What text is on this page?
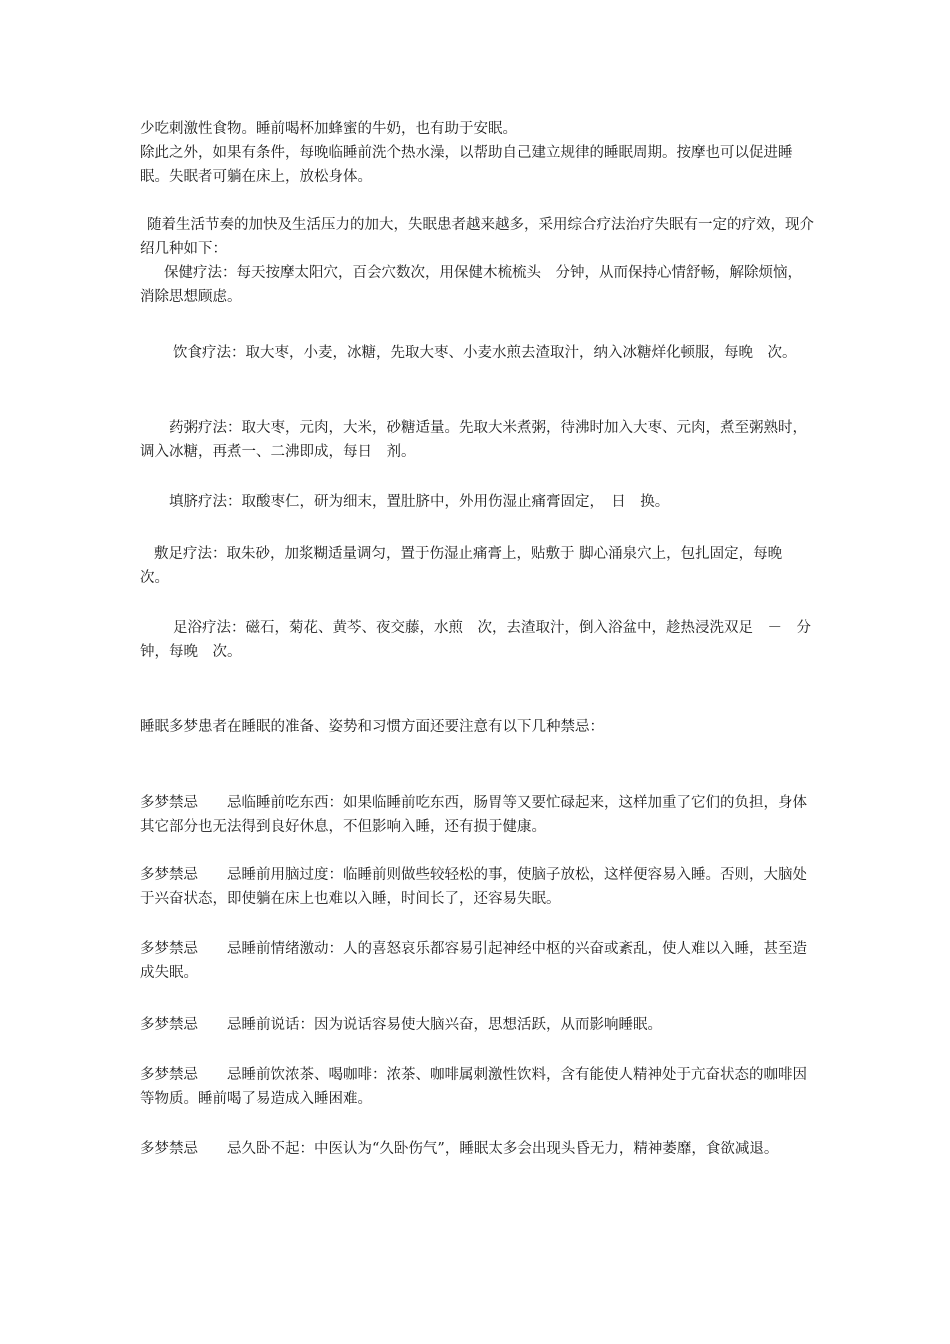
少吃刺激性食物。睡前喝杯加蜂蜜的牛奶，也有助于安眠。

除此之外，如果有条件，每晚临睡前洗个热水澡，以帮助自己建立规律的睡眠周期。按摩也可以促进睡眠。失眠者可躺在床上，放松身体。

随着生活节奏的加快及生活压力的加大，失眠患者越来越多，采用综合疗法治疗失眠有一定的疗效，现介绍几种如下：

保健疗法：每天按摩太阳穴，百会穴数次，用保健木梳梳头　分钟，从而保持心情舒畅，解除烦恼，消除思想顾虑。

饮食疗法：取大枣，小麦，冰糖，先取大枣、小麦水煎去渣取汁，纳入冰糖烊化顿服，每晚　次。

药粥疗法：取大枣，元肉，大米，砂糖适量。先取大米煮粥，待沸时加入大枣、元肉，煮至粥熟时，调入冰糖，再煮一、二沸即成，每日　剂。

填脐疗法：取酸枣仁，研为细末，置肚脐中，外用伤湿止痛膏固定，　日　换。

敷足疗法：取朱砂，加浆糊适量调匀，置于伤湿止痛膏上，贴敷于 脚心涌泉穴上，包扎固定，每晚　次。

足浴疗法：磁石，菊花、黄芩、夜交藤，水煎　次，去渣取汁，倒入浴盆中，趁热浸洗双足　－　分钟，每晚　次。

睡眠多梦患者在睡眠的准备、姿势和习惯方面还要注意有以下几种禁忌：

多梦禁忌　　忌临睡前吃东西：如果临睡前吃东西，肠胃等又要忙碌起来，这样加重了它们的负担，身体其它部分也无法得到良好休息，不但影响入睡，还有损于健康。

多梦禁忌　　忌睡前用脑过度：临睡前则做些较轻松的事，使脑子放松，这样便容易入睡。否则，大脑处于兴奋状态，即使躺在床上也难以入睡，时间长了，还容易失眠。

多梦禁忌　　忌睡前情绪激动：人的喜怒哀乐都容易引起神经中枢的兴奋或紊乱，使人难以入睡，甚至造成失眠。

多梦禁忌　　忌睡前说话：因为说话容易使大脑兴奋，思想活跃，从而影响睡眠。

多梦禁忌　　忌睡前饮浓茶、喝咖啡：浓茶、咖啡属刺激性饮料，含有能使人精神处于亢奋状态的咖啡因等物质。睡前喝了易造成入睡困难。

多梦禁忌　　忌久卧不起：中医认为“久卧伤气”，睡眠太多会出现头昏无力，精神萎靡，食欲减退。
